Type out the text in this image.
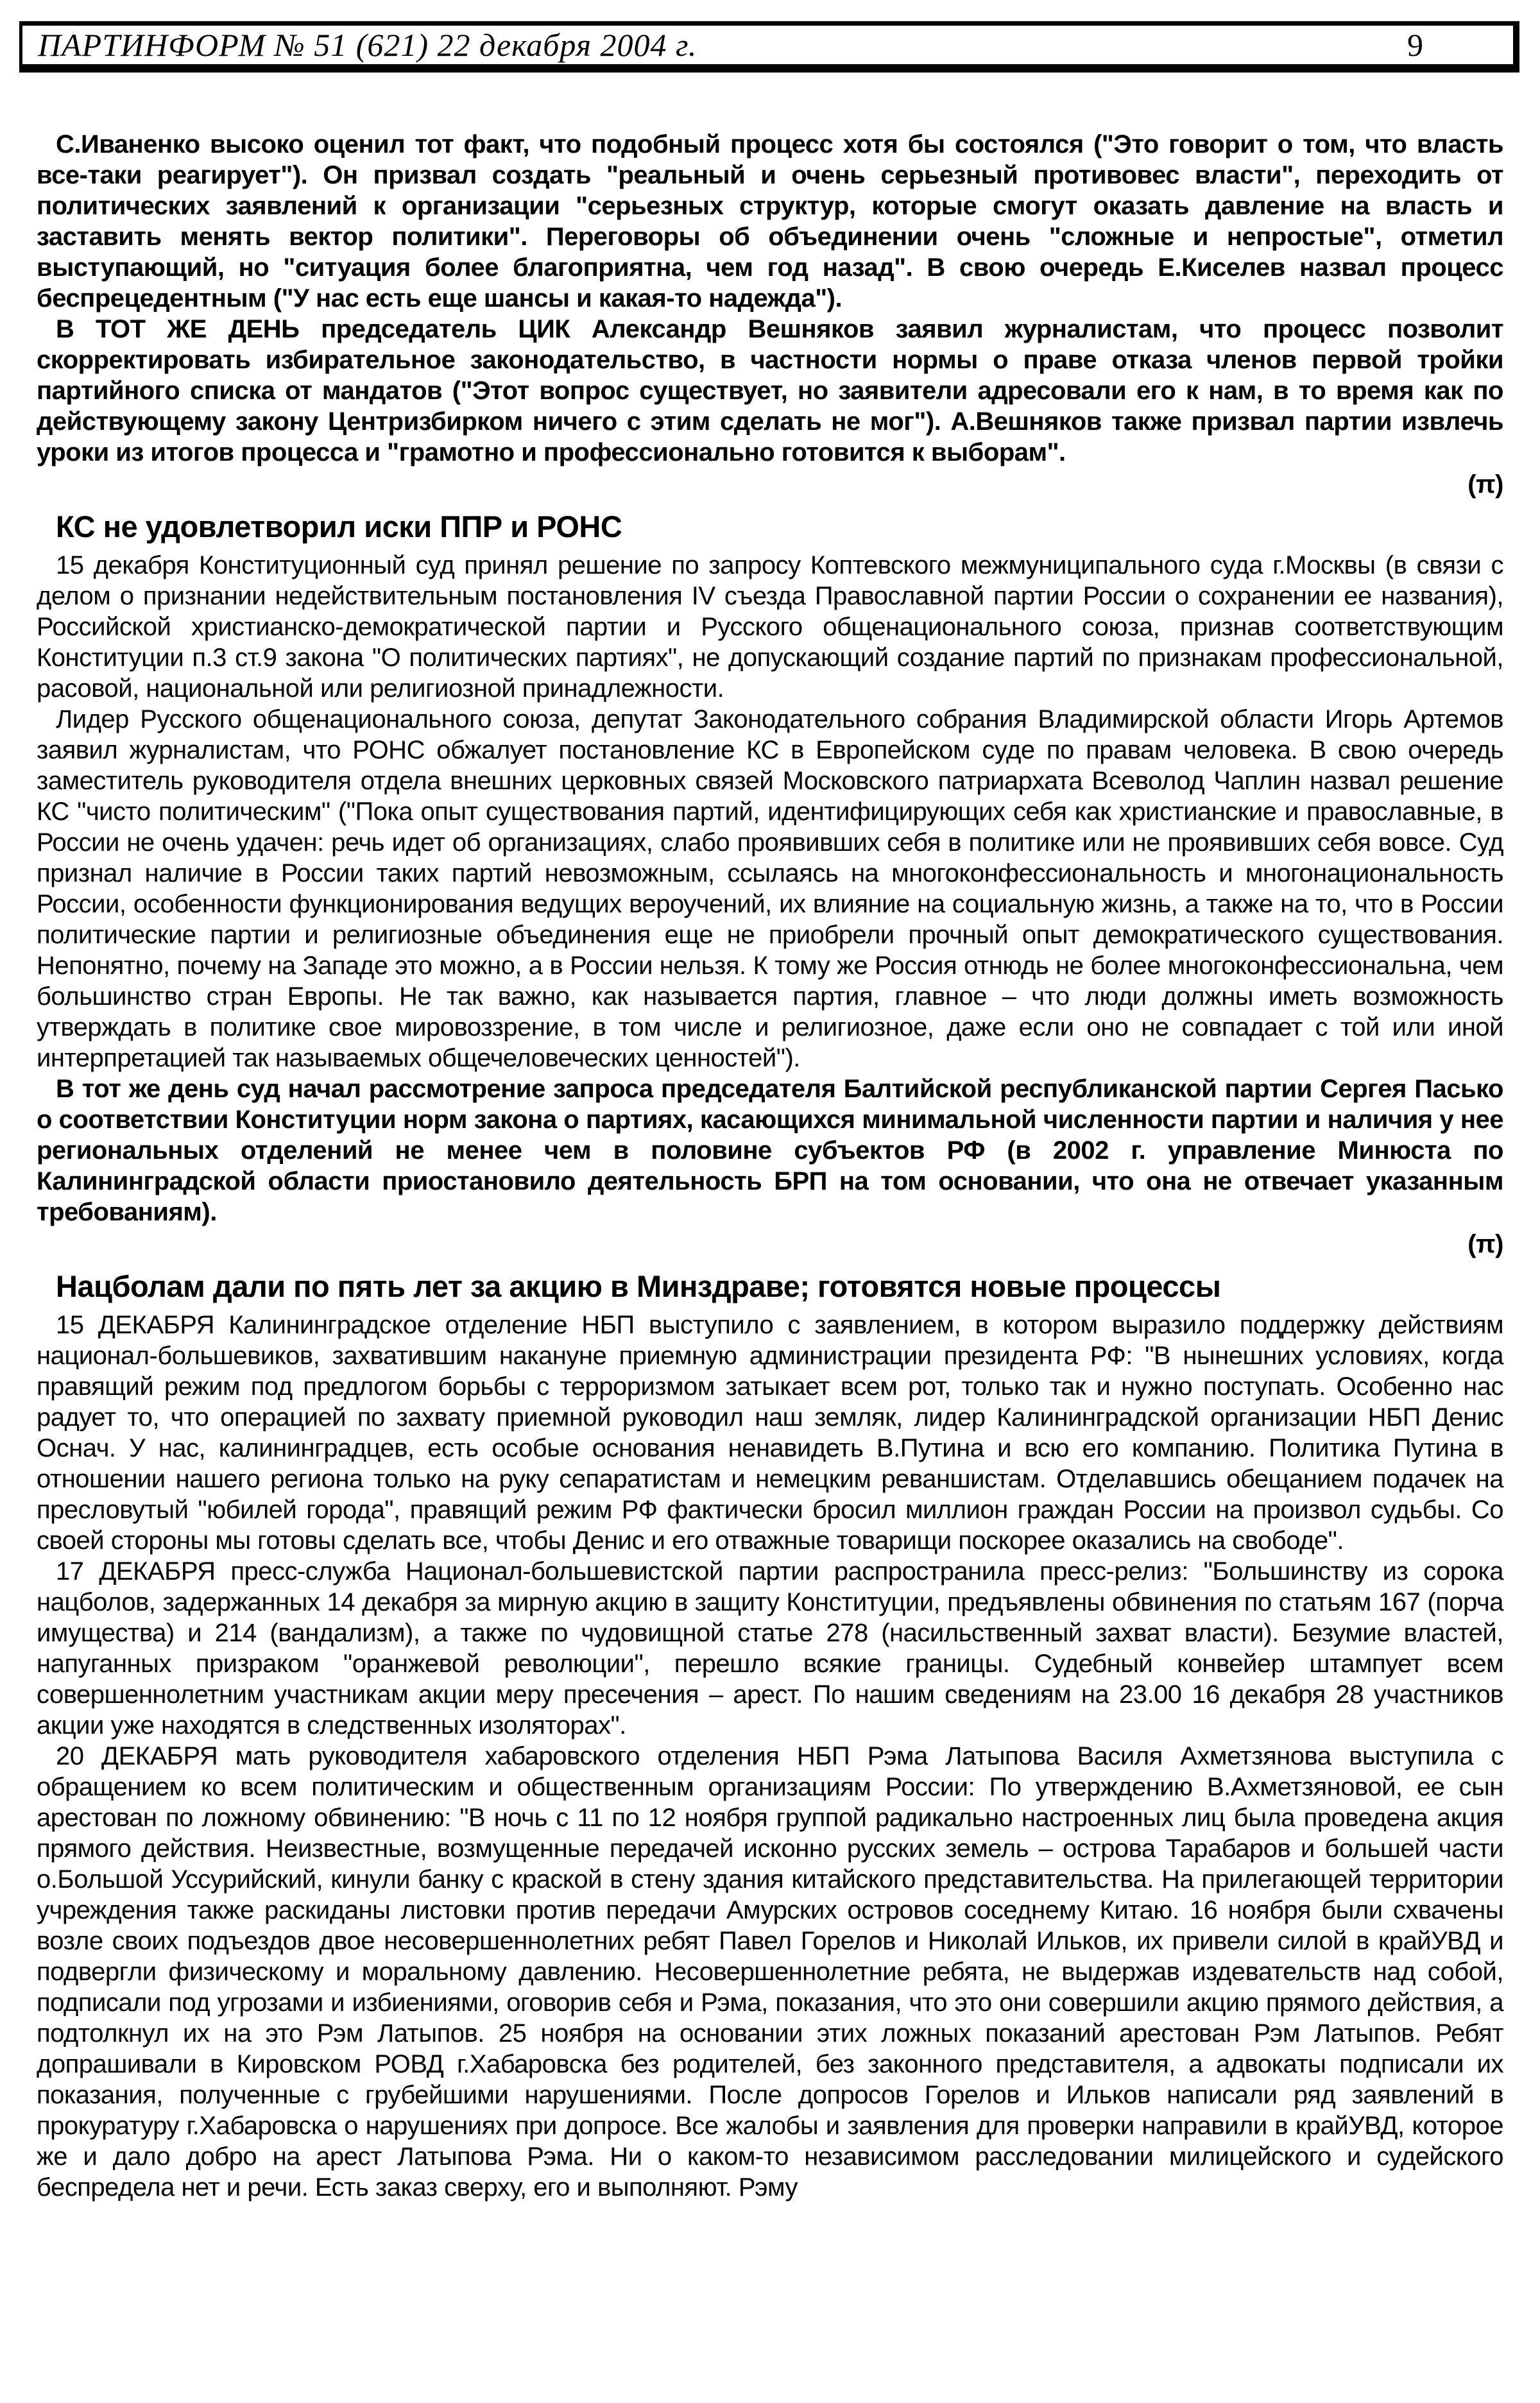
ПАРТИНФОРМ № 51 (621) 22 декабря 2004 г.	9

С.Иваненко высоко оценил тот факт, что подобный процесс хотя бы состоялся ("Это говорит о том, что власть все-таки реагирует"). Он призвал создать "реальный и очень серьезный противовес власти", переходить от политических заявлений к организации "серьезных структур, которые смогут оказать давление на власть и заставить менять вектор политики". Переговоры об объединении очень "сложные и непростые", отметил выступающий, но "ситуация более благоприятна, чем год назад". В свою очередь Е.Киселев назвал процесс беспрецедентным ("У нас есть еще шансы и какая-то надежда").

В ТОТ ЖЕ ДЕНЬ председатель ЦИК Александр Вешняков заявил журналистам, что процесс позволит скорректировать избирательное законодательство, в частности нормы о праве отказа членов первой тройки партийного списка от мандатов ("Этот вопрос существует, но заявители адресовали его к нам, в то время как по действующему закону Центризбирком ничего с этим сделать не мог"). А.Вешняков также призвал партии извлечь уроки из итогов процесса и "грамотно и профессионально готовится к выборам".

(π)
КС не удовлетворил иски ППР и РОНС

15 декабря Конституционный суд принял решение по запросу Коптевского межмуниципального суда г.Москвы (в связи с делом о признании недействительным постановления IV съезда Православной партии России о сохранении ее названия), Российской христианско-демократической партии и Русского общенационального союза, признав соответствующим Конституции п.3 ст.9 закона "О политических партиях", не допускающий создание партий по признакам профессиональной, расовой, национальной или религиозной принадлежности.

Лидер Русского общенационального союза, депутат Законодательного собрания Владимирской области Игорь Артемов заявил журналистам, что РОНС обжалует постановление КС в Европейском суде по правам человека. В свою очередь заместитель руководителя отдела внешних церковных связей Московского патриархата Всеволод Чаплин назвал решение КС "чисто политическим" ("Пока опыт существования партий, идентифицирующих себя как христианские и православные, в России не очень удачен: речь идет об организациях, слабо проявивших себя в политике или не проявивших себя вовсе. Суд признал наличие в России таких партий невозможным, ссылаясь на многоконфессиональность и многонациональность России, особенности функционирования ведущих вероучений, их влияние на социальную жизнь, а также на то, что в России политические партии и религиозные объединения еще не приобрели прочный опыт демократического существования. Непонятно, почему на Западе это можно, а в России нельзя. К тому же Россия отнюдь не более многоконфессиональна, чем большинство стран Европы. Не так важно, как называется партия, главное – что люди должны иметь возможность утверждать в политике свое мировоззрение, в том числе и религиозное, даже если оно не совпадает с той или иной интерпретацией так называемых общечеловеческих ценностей").

В тот же день суд начал рассмотрение запроса председателя Балтийской республиканской партии Сергея Пасько о соответствии Конституции норм закона о партиях, касающихся минимальной численности партии и наличия у нее региональных отделений не менее чем в половине субъектов РФ (в 2002 г. управление Минюста по Калининградской области приостановило деятельность БРП на том основании, что она не отвечает указанным требованиям).

(π)
Нацболам дали по пять лет за акцию в Минздраве; готовятся новые процессы

15 ДЕКАБРЯ Калининградское отделение НБП выступило с заявлением, в котором выразило поддержку действиям национал-большевиков, захватившим накануне приемную администрации президента РФ: "В нынешних условиях, когда правящий режим под предлогом борьбы с терроризмом затыкает всем рот, только так и нужно поступать. Особенно нас радует то, что операцией по захвату приемной руководил наш земляк, лидер Калининградской организации НБП Денис Оснач. У нас, калининградцев, есть особые основания ненавидеть В.Путина и всю его компанию. Политика Путина в отношении нашего региона только на руку сепаратистам и немецким реваншистам. Отделавшись обещанием подачек на пресловутый "юбилей города", правящий режим РФ фактически бросил миллион граждан России на произвол судьбы. Со своей стороны мы готовы сделать все, чтобы Денис и его отважные товарищи поскорее оказались на свободе".

17 ДЕКАБРЯ пресс-служба Национал-большевистской партии распространила пресс-релиз: "Большинству из сорока нацболов, задержанных 14 декабря за мирную акцию в защиту Конституции, предъявлены обвинения по статьям 167 (порча имущества) и 214 (вандализм), а также по чудовищной статье 278 (насильственный захват власти). Безумие властей, напуганных призраком "оранжевой революции", перешло всякие границы. Судебный конвейер штампует всем совершеннолетним участникам акции меру пресечения – арест. По нашим сведениям на 23.00 16 декабря 28 участников акции уже находятся в следственных изоляторах".

20 ДЕКАБРЯ мать руководителя хабаровского отделения НБП Рэма Латыпова Василя Ахметзянова выступила с обращением ко всем политическим и общественным организациям России: По утверждению В.Ахметзяновой, ее сын арестован по ложному обвинению: "В ночь с 11 по 12 ноября группой радикально настроенных лиц была проведена акция прямого действия. Неизвестные, возмущенные передачей исконно русских земель – острова Тарабаров и большей части о.Большой Уссурийский, кинули банку с краской в стену здания китайского представительства. На прилегающей территории учреждения также раскиданы листовки против передачи Амурских островов соседнему Китаю. 16 ноября были схвачены возле своих подъездов двое несовершеннолетних ребят Павел Горелов и Николай Ильков, их привели силой в крайУВД и подвергли физическому и моральному давлению. Несовершеннолетние ребята, не выдержав издевательств над собой, подписали под угрозами и избиениями, оговорив себя и Рэма, показания, что это они совершили акцию прямого действия, а подтолкнул их на это Рэм Латыпов. 25 ноября на основании этих ложных показаний арестован Рэм Латыпов. Ребят допрашивали в Кировском РОВД г.Хабаровска без родителей, без законного представителя, а адвокаты подписали их показания, полученные с грубейшими нарушениями. После допросов Горелов и Ильков написали ряд заявлений в прокуратуру г.Хабаровска о нарушениях при допросе. Все жалобы и заявления для проверки направили в крайУВД, которое же и дало добро на арест Латыпова Рэма. Ни о каком-то независимом расследовании милицейского и судейского беспредела нет и речи. Есть заказ сверху, его и выполняют. Рэму
